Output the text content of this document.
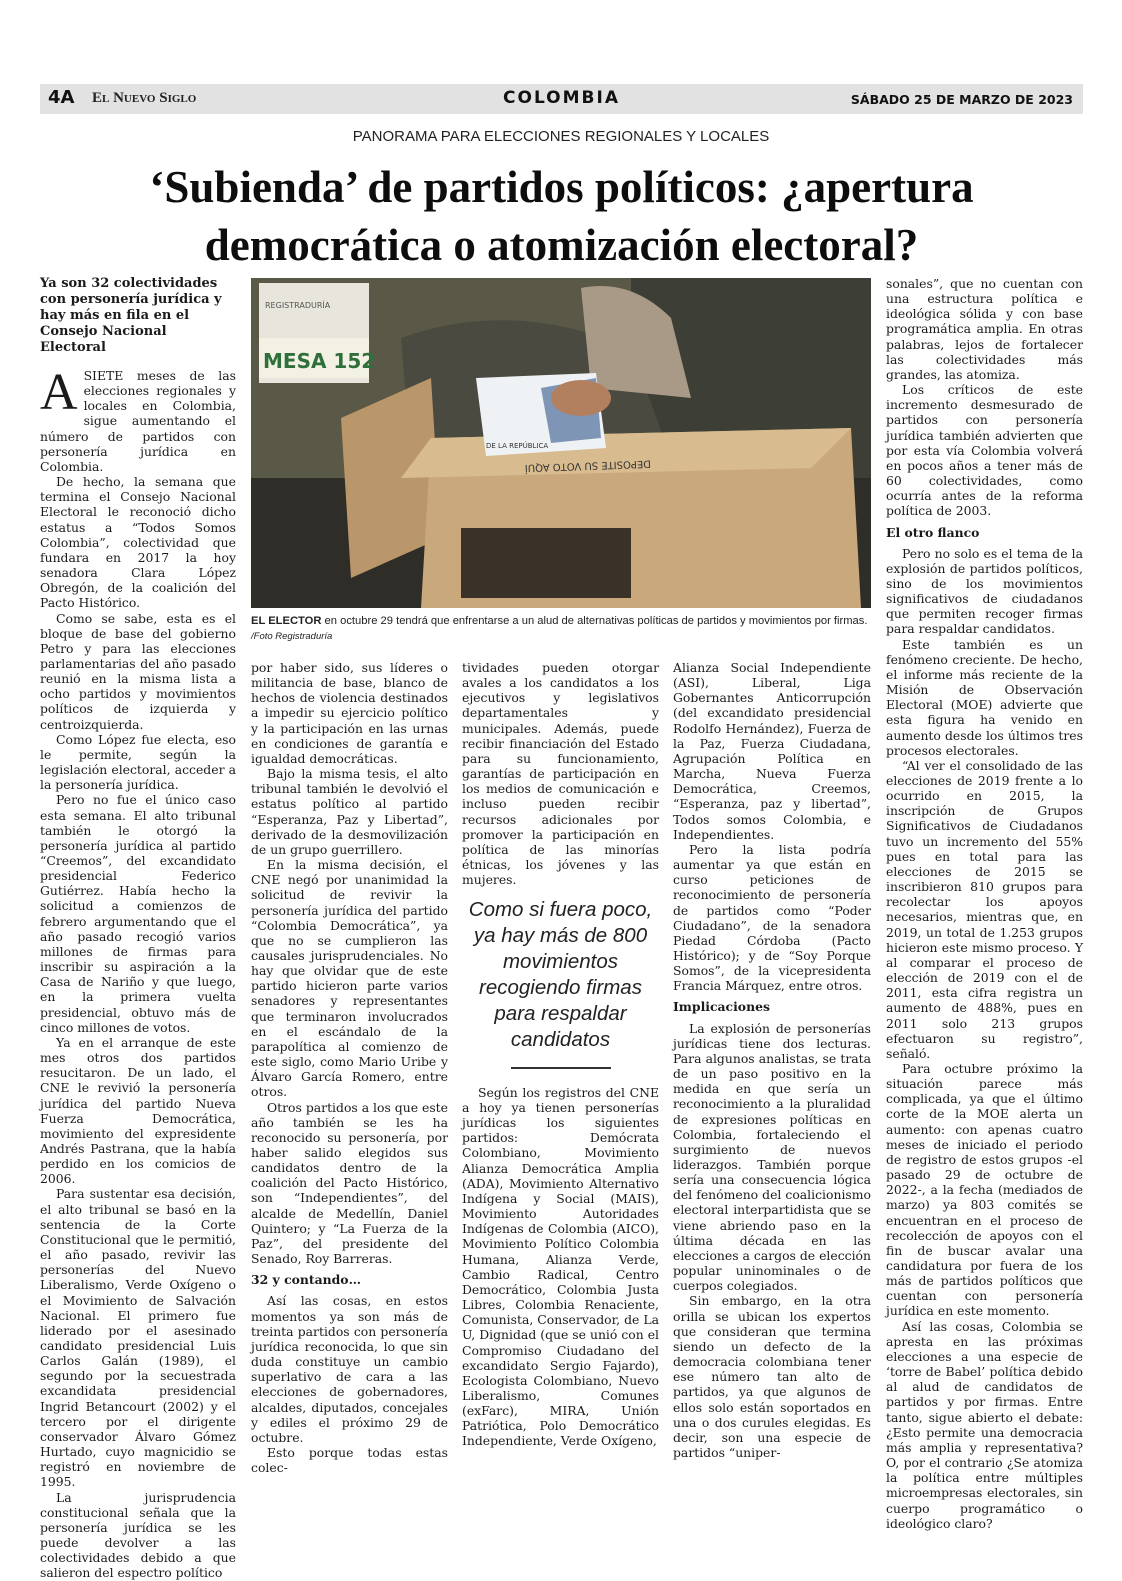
4A El Nuevo Siglo	COLOMBIA	SÁBADO 25 DE MARZO DE 2023
PANORAMA PARA ELECCIONES REGIONALES Y LOCALES
‘Subienda’ de partidos políticos: ¿apertura
democrática o atomización electoral?
Ya son 32 colectividades con personería jurídica y hay más en fila en el Consejo Nacional Electoral

ASIETE meses de las elecciones regionales y locales en Colombia, sigue aumentando el número de partidos con personería jurídica en Colombia.

De hecho, la semana que termina el Consejo Nacional Electoral le reconoció dicho estatus a “Todos Somos Colombia”, colectividad que fundara en 2017 la hoy senadora Clara López Obregón, de la coalición del Pacto Histórico.

Como se sabe, esta es el bloque de base del gobierno Petro y para las elecciones parlamentarias del año pasado reunió en la misma lista a ocho partidos y movimientos políticos de izquierda y centroizquierda.

Como López fue electa, eso le permite, según la legislación electoral, acceder a la personería jurídica.

Pero no fue el único caso esta semana. El alto tribunal también le otorgó la personería jurídica al partido “Creemos”, del excandidato presidencial Federico Gutiérrez. Había hecho la solicitud a comienzos de febrero argumentando que el año pasado recogió varios millones de firmas para inscribir su aspiración a la Casa de Nariño y que luego, en la primera vuelta presidencial, obtuvo más de cinco millones de votos.

Ya en el arranque de este mes otros dos partidos resucitaron. De un lado, el CNE le revivió la personería jurídica del partido Nueva Fuerza Democrática, movimiento del expresidente Andrés Pastrana, que la había perdido en los comicios de 2006.

Para sustentar esa decisión, el alto tribunal se basó en la sentencia de la Corte Constitucional que le permitió, el año pasado, revivir las personerías del Nuevo Liberalismo, Verde Oxígeno o el Movimiento de Salvación Nacional. El primero fue liderado por el asesinado candidato presidencial Luis Carlos Galán (1989), el segundo por la secuestrada excandidata presidencial Ingrid Betancourt (2002) y el tercero por el dirigente conservador Álvaro Gómez Hurtado, cuyo magnicidio se registró en noviembre de 1995.

La jurisprudencia constitucional señala que la personería jurídica se les puede devolver a las colectividades debido a que salieron del espectro político

REGISTRADURÍA
MESA 152
DEPOSITE SU VOTO AQUÍ
DE LA REPÚBLICA
EL ELECTOR en octubre 29 tendrá que enfrentarse a un alud de alternativas políticas de partidos y movimientos por firmas. /Foto Registraduría

por haber sido, sus líderes o militancia de base, blanco de hechos de violencia destinados a impedir su ejercicio político y la participación en las urnas en condiciones de garantía e igualdad democráticas.

Bajo la misma tesis, el alto tribunal también le devolvió el estatus político al partido “Esperanza, Paz y Libertad”, derivado de la desmovilización de un grupo guerrillero.

En la misma decisión, el CNE negó por unanimidad la solicitud de revivir la personería jurídica del partido “Colombia Democrática”, ya que no se cumplieron las causales jurisprudenciales. No hay que olvidar que de este partido hicieron parte varios senadores y representantes que terminaron involucrados en el escándalo de la parapolítica al comienzo de este siglo, como Mario Uribe y Álvaro García Romero, entre otros.

Otros partidos a los que este año también se les ha reconocido su personería, por haber salido elegidos sus candidatos dentro de la coalición del Pacto Histórico, son “Independientes”, del alcalde de Medellín, Daniel Quintero; y “La Fuerza de la Paz”, del presidente del Senado, Roy Barreras.

32 y contando…

Así las cosas, en estos momentos ya son más de treinta partidos con personería jurídica reconocida, lo que sin duda constituye un cambio superlativo de cara a las elecciones de gobernadores, alcaldes, diputados, concejales y ediles el próximo 29 de octubre.

Esto porque todas estas colec-

tividades pueden otorgar avales a los candidatos a los ejecutivos y legislativos departamentales y municipales. Además, puede recibir financiación del Estado para su funcionamiento, garantías de participación en los medios de comunicación e incluso pueden recibir recursos adicionales por promover la participación en política de las minorías étnicas, los jóvenes y las mujeres.

Como si fuera poco, ya hay más de 800 movimientos recogiendo firmas para respaldar candidatos

Según los registros del CNE a hoy ya tienen personerías jurídicas los siguientes partidos: Demócrata Colombiano, Movimiento Alianza Democrática Amplia (ADA), Movimiento Alternativo Indígena y Social (MAIS), Movimiento Autoridades Indígenas de Colombia (AICO), Movimiento Político Colombia Humana, Alianza Verde, Cambio Radical, Centro Democrático, Colombia Justa Libres, Colombia Renaciente, Comunista, Conservador, de La U, Dignidad (que se unió con el Compromiso Ciudadano del excandidato Sergio Fajardo), Ecologista Colombiano, Nuevo Liberalismo, Comunes (exFarc), MIRA, Unión Patriótica, Polo Democrático Independiente, Verde Oxígeno,

Alianza Social Independiente (ASI), Liberal, Liga Gobernantes Anticorrupción (del excandidato presidencial Rodolfo Hernández), Fuerza de la Paz, Fuerza Ciudadana, Agrupación Política en Marcha, Nueva Fuerza Democrática, Creemos, “Esperanza, paz y libertad”, Todos somos Colombia, e Independientes.

Pero la lista podría aumentar ya que están en curso peticiones de reconocimiento de personería de partidos como “Poder Ciudadano”, de la senadora Piedad Córdoba (Pacto Histórico); y de “Soy Porque Somos”, de la vicepresidenta Francia Márquez, entre otros.

Implicaciones

La explosión de personerías jurídicas tiene dos lecturas. Para algunos analistas, se trata de un paso positivo en la medida en que sería un reconocimiento a la pluralidad de expresiones políticas en Colombia, fortaleciendo el surgimiento de nuevos liderazgos. También porque sería una consecuencia lógica del fenómeno del coalicionismo electoral interpartidista que se viene abriendo paso en la última década en las elecciones a cargos de elección popular uninominales o de cuerpos colegiados.

Sin embargo, en la otra orilla se ubican los expertos que consideran que termina siendo un defecto de la democracia colombiana tener ese número tan alto de partidos, ya que algunos de ellos solo están soportados en una o dos curules elegidas. Es decir, son una especie de partidos “uniper-

sonales”, que no cuentan con una estructura política e ideológica sólida y con base programática amplia. En otras palabras, lejos de fortalecer las colectividades más grandes, las atomiza.

Los críticos de este incremento desmesurado de partidos con personería jurídica también advierten que por esta vía Colombia volverá en pocos años a tener más de 60 colectividades, como ocurría antes de la reforma política de 2003.

El otro flanco

Pero no solo es el tema de la explosión de partidos políticos, sino de los movimientos significativos de ciudadanos que permiten recoger firmas para respaldar candidatos.

Este también es un fenómeno creciente. De hecho, el informe más reciente de la Misión de Observación Electoral (MOE) advierte que esta figura ha venido en aumento desde los últimos tres procesos electorales.

“Al ver el consolidado de las elecciones de 2019 frente a lo ocurrido en 2015, la inscripción de Grupos Significativos de Ciudadanos tuvo un incremento del 55% pues en total para las elecciones de 2015 se inscribieron 810 grupos para recolectar los apoyos necesarios, mientras que, en 2019, un total de 1.253 grupos hicieron este mismo proceso. Y al comparar el proceso de elección de 2019 con el de 2011, esta cifra registra un aumento de 488%, pues en 2011 solo 213 grupos efectuaron su registro”, señaló.

Para octubre próximo la situación parece más complicada, ya que el último corte de la MOE alerta un aumento: con apenas cuatro meses de iniciado el periodo de registro de estos grupos -el pasado 29 de octubre de 2022-, a la fecha (mediados de marzo) ya 803 comités se encuentran en el proceso de recolección de apoyos con el fin de buscar avalar una candidatura por fuera de los más de partidos políticos que cuentan con personería jurídica en este momento.

Así las cosas, Colombia se apresta en las próximas elecciones a una especie de ‘torre de Babel’ política debido al alud de candidatos de partidos y por firmas. Entre tanto, sigue abierto el debate: ¿Esto permite una democracia más amplia y representativa? O, por el contrario ¿Se atomiza la política entre múltiples microempresas electorales, sin cuerpo programático o ideológico claro?
